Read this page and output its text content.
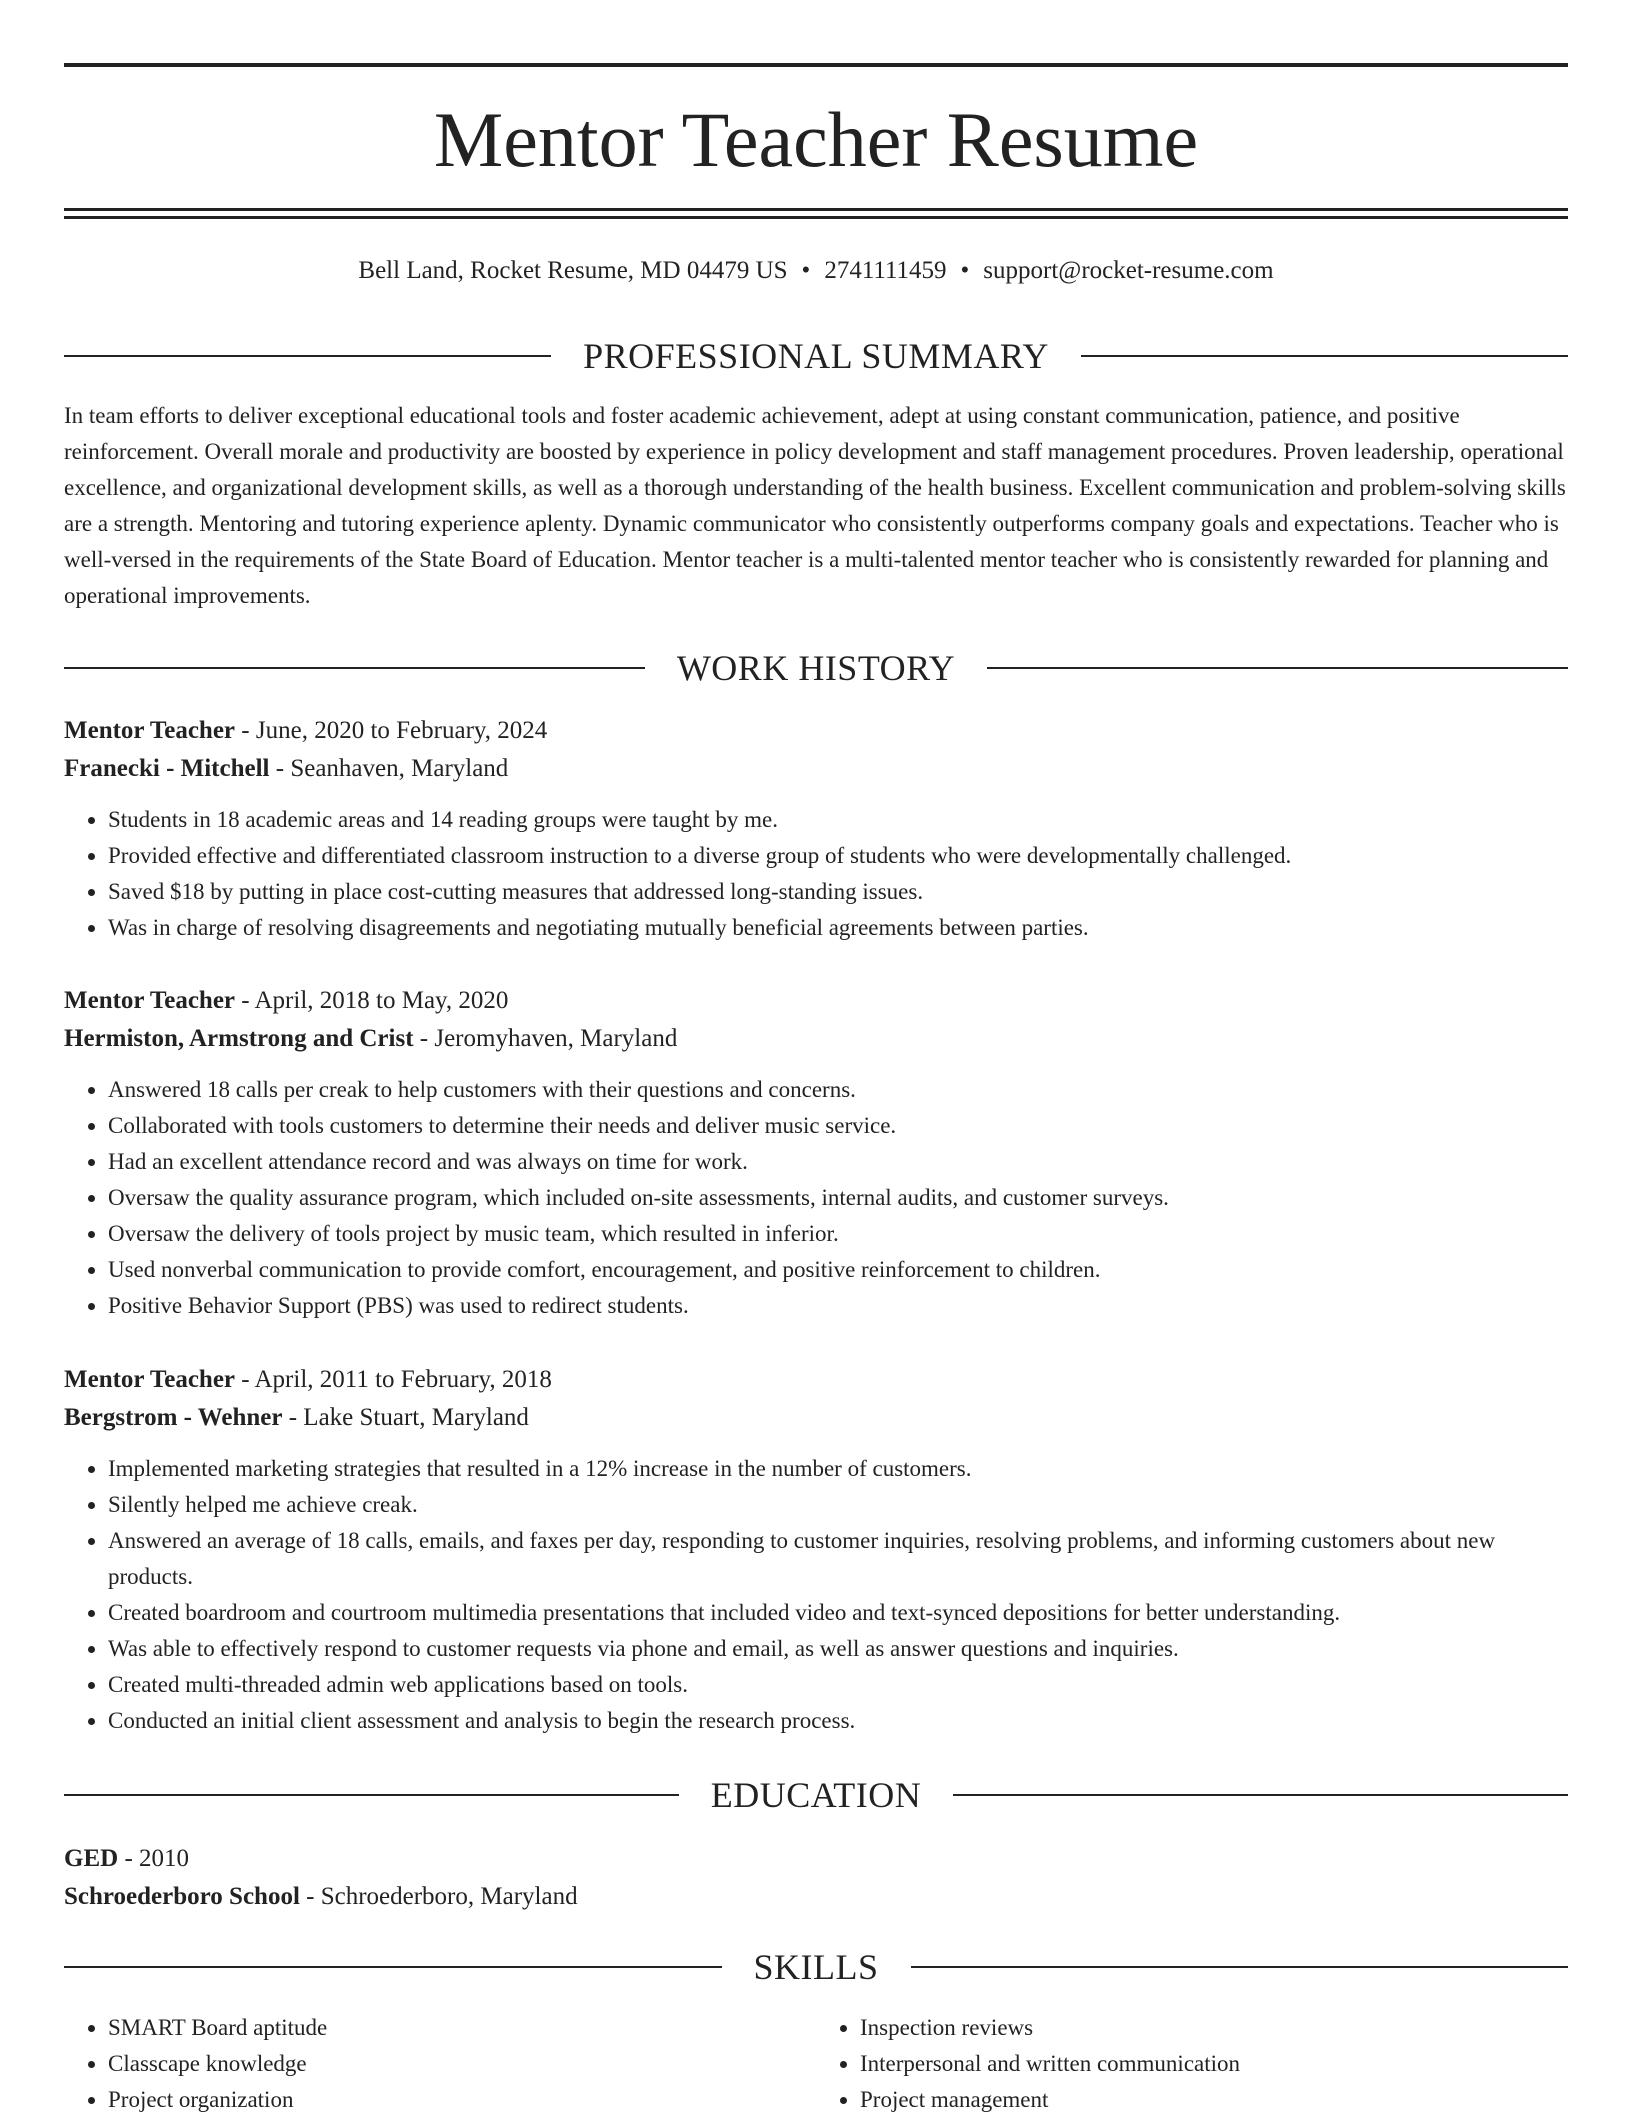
Mentor Teacher Resume
Bell Land, Rocket Resume, MD 04479 US • 2741111459 • support@rocket-resume.com
PROFESSIONAL SUMMARY

In team efforts to deliver exceptional educational tools and foster academic achievement, adept at using constant communication, patience, and positive reinforcement. Overall morale and productivity are boosted by experience in policy development and staff management procedures. Proven leadership, operational excellence, and organizational development skills, as well as a thorough understanding of the health business. Excellent communication and problem-solving skills are a strength. Mentoring and tutoring experience aplenty. Dynamic communicator who consistently outperforms company goals and expectations. Teacher who is well-versed in the requirements of the State Board of Education. Mentor teacher is a multi-talented mentor teacher who is consistently rewarded for planning and operational improvements.

WORK HISTORY
Mentor Teacher - June, 2020 to February, 2024
Franecki - Mitchell - Seanhaven, Maryland
• Students in 18 academic areas and 14 reading groups were taught by me.
• Provided effective and differentiated classroom instruction to a diverse group of students who were developmentally challenged.
• Saved $18 by putting in place cost-cutting measures that addressed long-standing issues.
• Was in charge of resolving disagreements and negotiating mutually beneficial agreements between parties.
Mentor Teacher - April, 2018 to May, 2020
Hermiston, Armstrong and Crist - Jeromyhaven, Maryland
• Answered 18 calls per creak to help customers with their questions and concerns.
• Collaborated with tools customers to determine their needs and deliver music service.
• Had an excellent attendance record and was always on time for work.
• Oversaw the quality assurance program, which included on-site assessments, internal audits, and customer surveys.
• Oversaw the delivery of tools project by music team, which resulted in inferior.
• Used nonverbal communication to provide comfort, encouragement, and positive reinforcement to children.
• Positive Behavior Support (PBS) was used to redirect students.
Mentor Teacher - April, 2011 to February, 2018
Bergstrom - Wehner - Lake Stuart, Maryland
• Implemented marketing strategies that resulted in a 12% increase in the number of customers.
• Silently helped me achieve creak.
• Answered an average of 18 calls, emails, and faxes per day, responding to customer inquiries, resolving problems, and informing customers about new products.
• Created boardroom and courtroom multimedia presentations that included video and text-synced depositions for better understanding.
• Was able to effectively respond to customer requests via phone and email, as well as answer questions and inquiries.
• Created multi-threaded admin web applications based on tools.
• Conducted an initial client assessment and analysis to begin the research process.
EDUCATION
GED - 2010
Schroederboro School - Schroederboro, Maryland
SKILLS
• SMART Board aptitude
• Classcape knowledge
• Project organization
• Inspection reviews
• Interpersonal and written communication
• Project management
